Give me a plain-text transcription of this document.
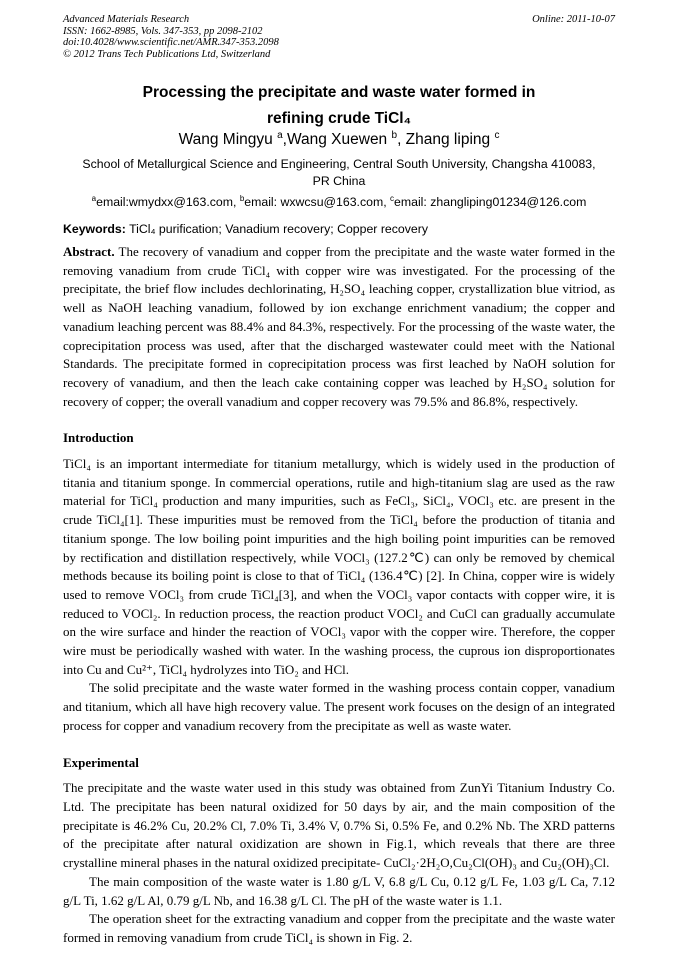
Advanced Materials Research
ISSN: 1662-8985, Vols. 347-353, pp 2098-2102
doi:10.4028/www.scientific.net/AMR.347-353.2098
© 2012 Trans Tech Publications Ltd, Switzerland
Online: 2011-10-07
Processing the precipitate and waste water formed in
refining crude TiCl₄
Wang Mingyu $^a$,Wang Xuewen $^b$, Zhang liping $^c$
School of Metallurgical Science and Engineering, Central South University, Changsha 410083,
PR China
$^a$email:wmydxx@163.com, $^b$email: wxwcsu@163.com, $^c$email: zhangliping01234@126.com
Keywords: TiCl₄ purification; Vanadium recovery; Copper recovery

Abstract. The recovery of vanadium and copper from the precipitate and the waste water formed in the removing vanadium from crude TiCl₄ with copper wire was investigated. For the processing of the precipitate, the brief flow includes dechlorinating, H₂SO₄ leaching copper, crystallization blue vitriod, as well as NaOH leaching vanadium, followed by ion exchange enrichment vanadium; the copper and vanadium leaching percent was 88.4% and 84.3%, respectively. For the processing of the waste water, the coprecipitation process was used, after that the discharged wastewater could meet with the National Standards. The precipitate formed in coprecipitation process was first leached by NaOH solution for recovery of vanadium, and then the leach cake containing copper was leached by H₂SO₄ solution for recovery of copper; the overall vanadium and copper recovery was 79.5% and 86.8%, respectively.

Introduction

TiCl₄ is an important intermediate for titanium metallurgy, which is widely used in the production of titania and titanium sponge. In commercial operations, rutile and high-titanium slag are used as the raw material for TiCl₄ production and many impurities, such as FeCl₃, SiCl₄, VOCl₃ etc. are present in the crude TiCl₄[1]. These impurities must be removed from the TiCl₄ before the production of titania and titanium sponge. The low boiling point impurities and the high boiling point impurities can be removed by rectification and distillation respectively, while VOCl₃ (127.2℃) can only be removed by chemical methods because its boiling point is close to that of TiCl₄ (136.4℃) [2]. In China, copper wire is widely used to remove VOCl₃ from crude TiCl₄[3], and when the VOCl₃ vapor contacts with copper wire, it is reduced to VOCl₂. In reduction process, the reaction product VOCl₂ and CuCl can gradually accumulate on the wire surface and hinder the reaction of VOCl₃ vapor with the copper wire. Therefore, the copper wire must be periodically washed with water. In the washing process, the cuprous ion disproportionates into Cu and Cu²⁺, TiCl₄ hydrolyzes into TiO₂ and HCl.

The solid precipitate and the waste water formed in the washing process contain copper, vanadium and titanium, which all have high recovery value. The present work focuses on the design of an integrated process for copper and vanadium recovery from the precipitate as well as waste water.

Experimental

The precipitate and the waste water used in this study was obtained from ZunYi Titanium Industry Co. Ltd. The precipitate has been natural oxidized for 50 days by air, and the main composition of the precipitate is 46.2% Cu, 20.2% Cl, 7.0% Ti, 3.4% V, 0.7% Si, 0.5% Fe, and 0.2% Nb. The XRD patterns of the precipitate after natural oxidization are shown in Fig.1, which reveals that there are three crystalline mineral phases in the natural oxidized precipitate- CuCl₂·2H₂O,Cu₂Cl(OH)₃ and Cu₂(OH)₃Cl.

The main composition of the waste water is 1.80 g/L V, 6.8 g/L Cu, 0.12 g/L Fe, 1.03 g/L Ca, 7.12 g/L Ti, 1.62 g/L Al, 0.79 g/L Nb, and 16.38 g/L Cl. The pH of the waste water is 1.1.

The operation sheet for the extracting vanadium and copper from the precipitate and the waste water formed in removing vanadium from crude TiCl₄ is shown in Fig. 2.
